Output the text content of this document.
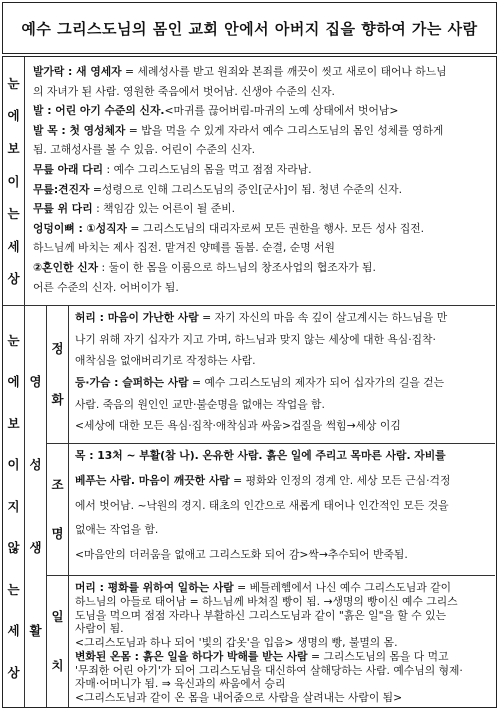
예수 그리스도님의 몸인 교회 안에서 아버지 집을 향하여 가는 사람
눈
에
보
이
는
세
상
발가락 : 새 영세자 = 세례성사를 받고 원죄와 본죄를 깨끗이 씻고 새로이 태어나 하느님
의 자녀가 된 사람. 영원한 죽음에서 벗어남. 신생아 수준의 신자.
발 : 어린 아기 수준의 신자.<마귀를 끊어버림-마귀의 노예 상태에서 벗어남>
발 목 : 첫 영성체자 = 밥을 먹을 수 있게 자라서 예수 그리스도님의 몸인 성체를 영하게
됨. 고해성사를 볼 수 있음. 어린이 수준의 신자.
무릎 아래 다리 : 예수 그리스도님의 몸을 먹고 점점 자라남.
무릎:견진자 =성령으로 인해 그리스도님의 증인[군사]이 됨. 청년 수준의 신자.
무릎 위 다리 : 책임감 있는 어른이 될 준비.
엉덩이뼈 : ①성직자 = 그리스도님의 대리자로써 모든 권한을 행사. 모든 성사 집전.
하느님께 바치는 제사 집전. 맡겨진 양떼를 돌봄. 순결, 순명 서원
②혼인한 신자 : 둘이 한 몸을 이룸으로 하느님의 창조사업의 협조자가 됨.
어른 수준의 신자. 어버이가 됨.
눈
에
보
이
지
않
는
세
상
영
성
생
활
정
화
허리 : 마음이 가난한 사람 = 자기 자신의 마음 속 깊이 살고계시는 하느님을 만
나기 위해 자기 십자가 지고 가며, 하느님과 맞지 않는 세상에 대한 욕심·집착·
애착심을 없애버리기로 작정하는 사람.
등·가슴 : 슬퍼하는 사람 = 예수 그리스도님의 제자가 되어 십자가의 길을 걷는
사람. 죽음의 원인인 교만·불순명을 없애는 작업을 함.
<세상에 대한 모든 욕심·집착·애착심과 싸움>겁질을 썩힘→세상 이김
조
명
목 : 13처 ~ 부활(참 나). 온유한 사람. 흙은 일에 주리고 목마른 사람. 자비를
베푸는 사람. 마음이 깨끗한 사람 = 평화와 인정의 경계 안. 세상 모든 근심·걱정
에서 벗어남. ~낙원의 경지. 태초의 인간으로 새롭게 태어나 인간적인 모든 것을
없애는 작업을 함.
<마음안의 더러움을 없애고 그리스도화 되어 감>싹→추수되어 반죽됨.
일
치
머리 : 평화를 위하여 일하는 사람 = 베틀레헴에서 나신 예수 그리스도님과 같이
하느님의 아들로 태어남 = 하느님께 바쳐질 빵이 됨. →생명의 빵이신 예수 그리스
도님을 먹으며 점점 자라나 부활하신 그리스도님과 같이 "흙은 일"을 할 수 있는
사람이 됨.
<그리스도님과 하나 되어 '빛의 갑옷'을 입음> 생명의 빵, 불멸의 몸.
변화된 온몸 : 흙은 일을 하다가 박해를 받는 사람 = 그리스도님의 몸을 다 먹고
'무죄한 어린 아기'가 되어 그리스도님을 대신하여 살해당하는 사람. 예수님의 형제·
자매·어머니가 됨. ⇒ 육신과의 싸움에서 승리
<그리스도님과 같이 온 몸을 내어줌으로 사람을 살려내는 사람이 됨>
